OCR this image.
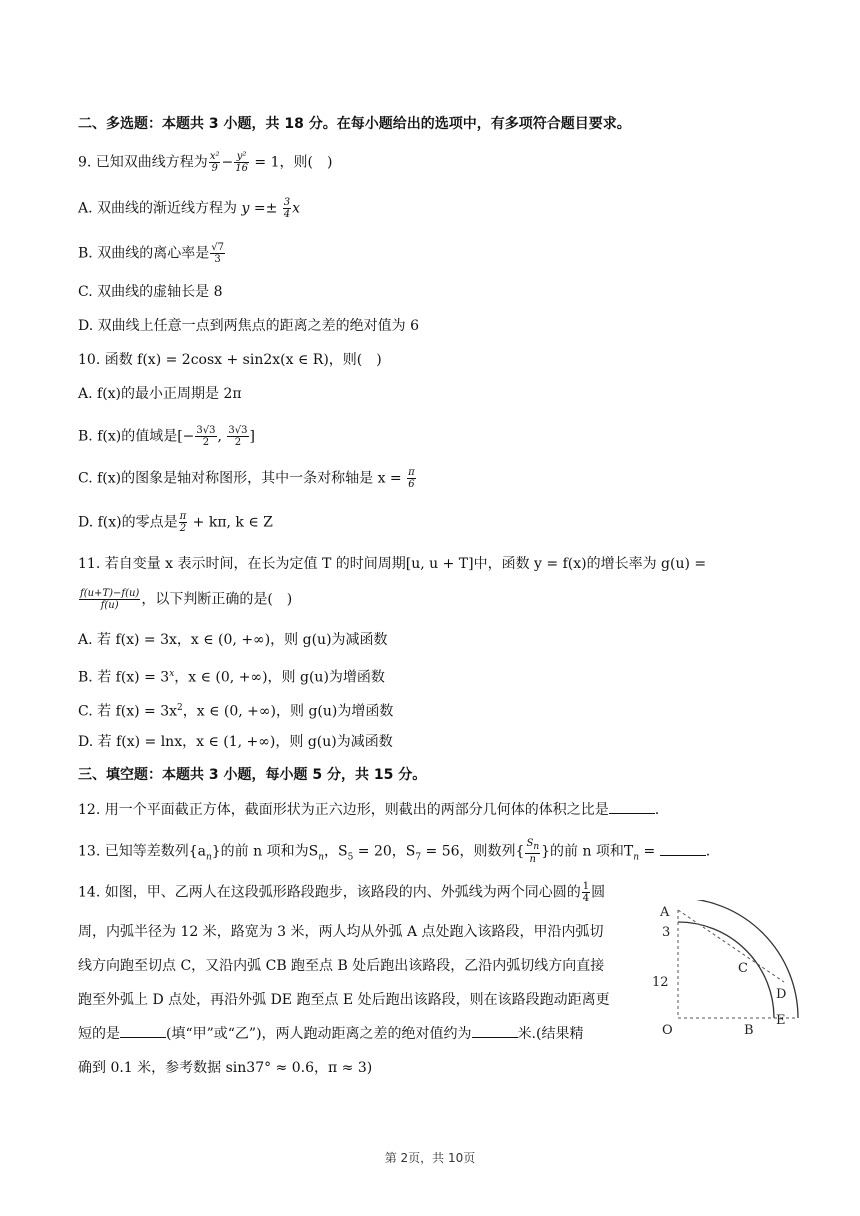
二、多选题：本题共 3 小题，共 18 分。在每小题给出的选项中，有多项符合题目要求。
9. 已知双曲线方程为 $\frac{\text{x²}}{9} - \frac{\text{y²}}{16} = 1$，则(　)
A. 双曲线的渐近线方程为 $y =\pm \frac{3}{4}$ x
B. 双曲线的离心率是 $\frac{√7}{3}$
C. 双曲线的虚轴长是 8
D. 双曲线上任意一点到两焦点的距离之差的绝对值为 6
10. 函数 f(x) = 2cosx + sin2x(x ∈ R)，则(　)
A. f(x)的最小正周期是 2π
B. f(x)的值域是[− $\frac{3√3}{2}$ , $\frac{3√3}{2}$ ]
C. f(x)的图象是轴对称图形，其中一条对称轴是 $x = \frac{\pi}{6}$
D. f(x)的零点是 $\frac{\pi}{2} + k\pi$, k ∈ Z
11. 若自变量 x 表示时间，在长为定值 T 的时间周期[u, u + T]中，函数 y = f(x)的增长率为 g(u) =
$\frac{f(u+T)-f(u)}{f(u)}$ ，以下判断正确的是(　)
A. 若 f(x) = 3x，x ∈ (0, +∞)，则 g(u)为减函数
B. 若 $f(x) = 3^x$，x ∈ (0, +∞)，则 g(u)为增函数
C. 若 $f(x) = 3x^2$，x ∈ (0, +∞)，则 g(u)为增函数
D. 若 f(x) = lnx，x ∈ (1, +∞)，则 g(u)为减函数
三、填空题：本题共 3 小题，每小题 5 分，共 15 分。
12. 用一个平面截正方体，截面形状为正六边形，则截出的两部分几何体的体积之比是	.
13. 已知等差数列$\{a_n\}$的前 n 项和为$S_n$，$S_5 = 20$，$S_7 = 56$，则数列{ $\frac{S_n}{n}$ }的前 n 项和$T_n$ =	.
14. 如图，甲、乙两人在这段弧形路段跑步，该路段的内、外弧线为两个同心圆的 $\frac{1}{4}$ 圆
周，内弧半径为 12 米，路宽为 3 米，两人均从外弧 A 点处跑入该路段，甲沿内弧切
线方向跑至切点 C，又沿内弧 CB 跑至点 B 处后跑出该路段，乙沿内弧切线方向直接
跑至外弧上 D 点处，再沿外弧 DE 跑至点 E 处后跑出该路段，则在该路段跑动距离更
短的是	(填“甲”或“乙”)，两人跑动距离之差的绝对值约为	米.(结果精
确到 0.1 米，参考数据 sin37° ≈ 0.6，π ≈ 3)
A
3
C
12
D
O	B
E
第 2页，共 10页
